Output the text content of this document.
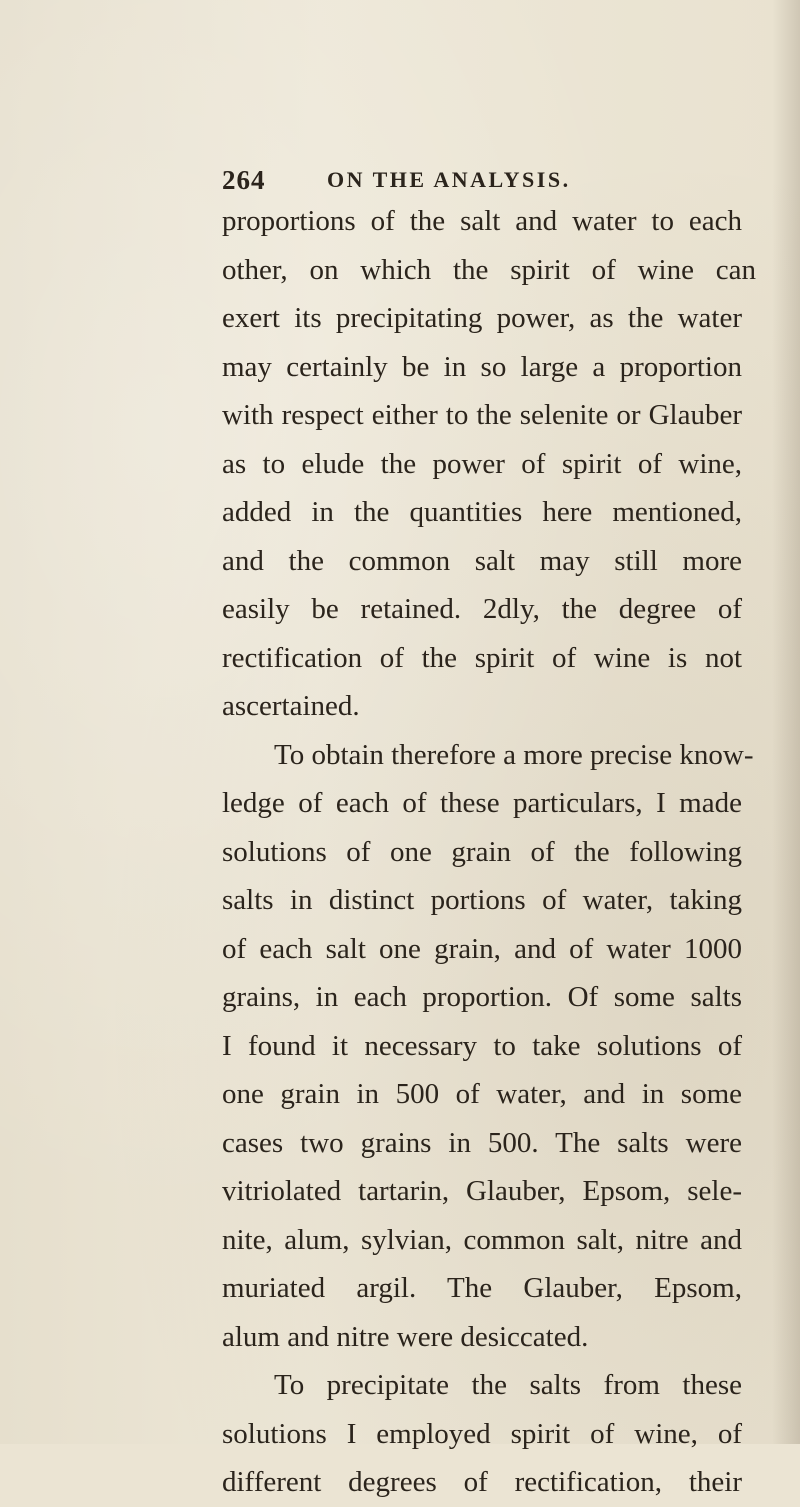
264	ON THE ANALYSIS.
proportions of the salt and water to each
other, on which the spirit of wine can
exert its precipitating power, as the water
may certainly be in so large a proportion
with respect either to the selenite or Glauber
as to elude the power of spirit of wine,
added in the quantities here mentioned,
and the common salt may still more
easily be retained. 2dly, the degree of
rectification of the spirit of wine is not
ascertained.
To obtain therefore a more precise know-
ledge of each of these particulars, I made
solutions of one grain of the following
salts in distinct portions of water, taking
of each salt one grain, and of water 1000
grains, in each proportion. Of some salts
I found it necessary to take solutions of
one grain in 500 of water, and in some
cases two grains in 500. The salts were
vitriolated tartarin, Glauber, Epsom, sele-
nite, alum, sylvian, common salt, nitre and
muriated argil. The Glauber, Epsom,
alum and nitre were desiccated.
To precipitate the salts from these
solutions I employed spirit of wine, of
different degrees of rectification, their
